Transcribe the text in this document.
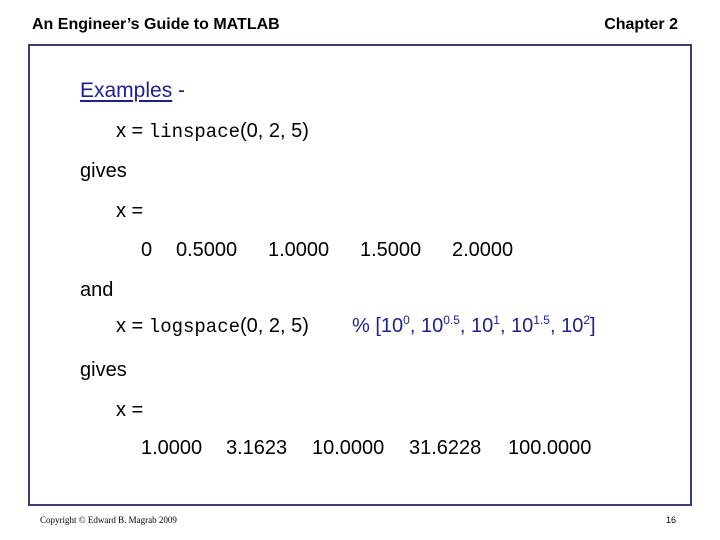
An Engineer’s Guide to MATLAB	Chapter 2
Examples -
x = linspace(0, 2, 5)
gives
x =
0 0.5000 1.0000 1.5000 2.0000
and
x = logspace(0, 2, 5) % [$10^0$, $10^{0.5}$, $10^1$, $10^{1.5}$, $10^2$]
gives
x =
1.0000 3.1623 10.0000 31.6228 100.0000
Copyright © Edward B. Magrab 2009	16
